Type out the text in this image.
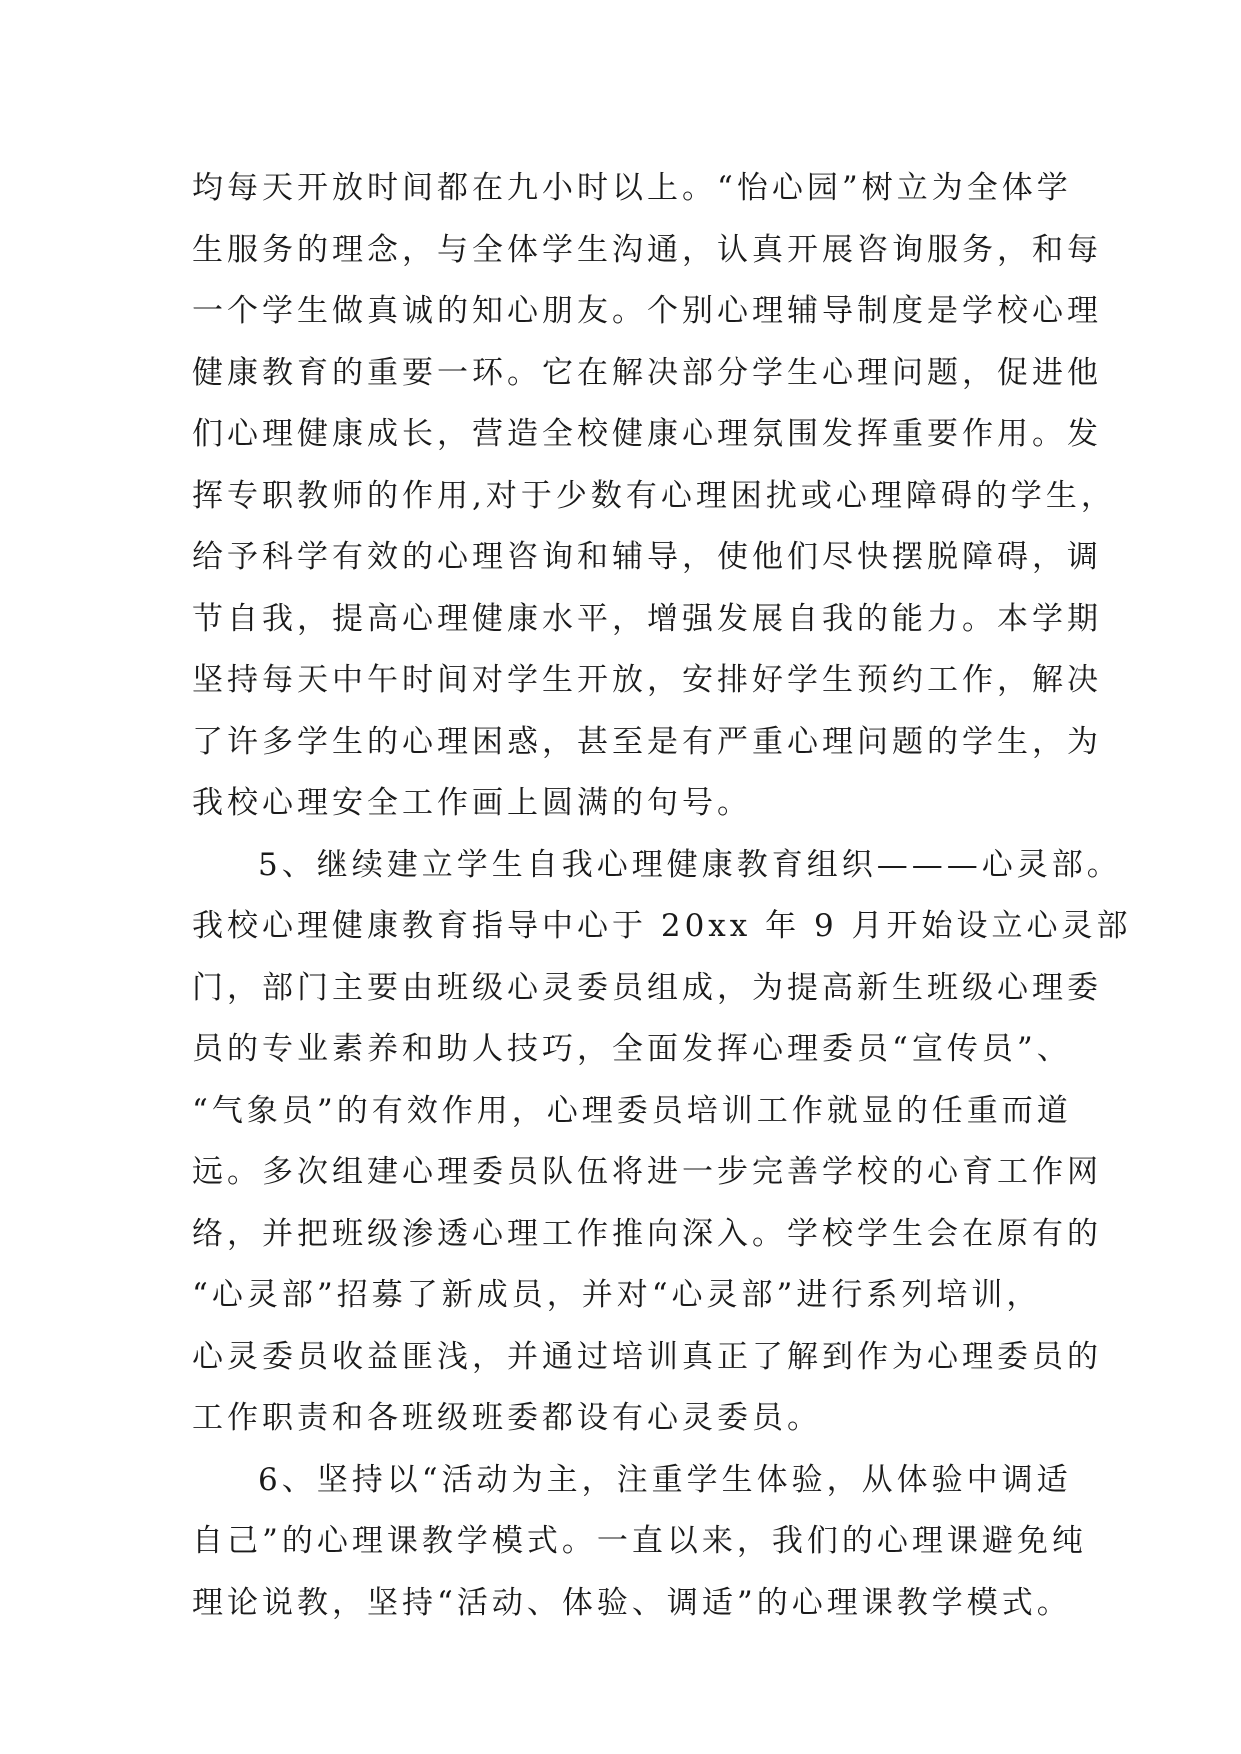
均每天开放时间都在九小时以上。“怡心园”树立为全体学
生服务的理念，与全体学生沟通，认真开展咨询服务，和每
一个学生做真诚的知心朋友。个别心理辅导制度是学校心理
健康教育的重要一环。它在解决部分学生心理问题，促进他
们心理健康成长，营造全校健康心理氛围发挥重要作用。发
挥专职教师的作用,对于少数有心理困扰或心理障碍的学生，
给予科学有效的心理咨询和辅导，使他们尽快摆脱障碍，调
节自我，提高心理健康水平，增强发展自我的能力。本学期
坚持每天中午时间对学生开放，安排好学生预约工作，解决
了许多学生的心理困惑，甚至是有严重心理问题的学生，为
我校心理安全工作画上圆满的句号。
5、继续建立学生自我心理健康教育组织———心灵部。
我校心理健康教育指导中心于 20xx 年 9 月开始设立心灵部
门，部门主要由班级心灵委员组成，为提高新生班级心理委
员的专业素养和助人技巧，全面发挥心理委员“宣传员”、
“气象员”的有效作用，心理委员培训工作就显的任重而道
远。多次组建心理委员队伍将进一步完善学校的心育工作网
络，并把班级渗透心理工作推向深入。学校学生会在原有的
“心灵部”招募了新成员，并对“心灵部”进行系列培训，
心灵委员收益匪浅，并通过培训真正了解到作为心理委员的
工作职责和各班级班委都设有心灵委员。
6、坚持以“活动为主，注重学生体验，从体验中调适
自己”的心理课教学模式。一直以来，我们的心理课避免纯
理论说教，坚持“活动、体验、调适”的心理课教学模式。
